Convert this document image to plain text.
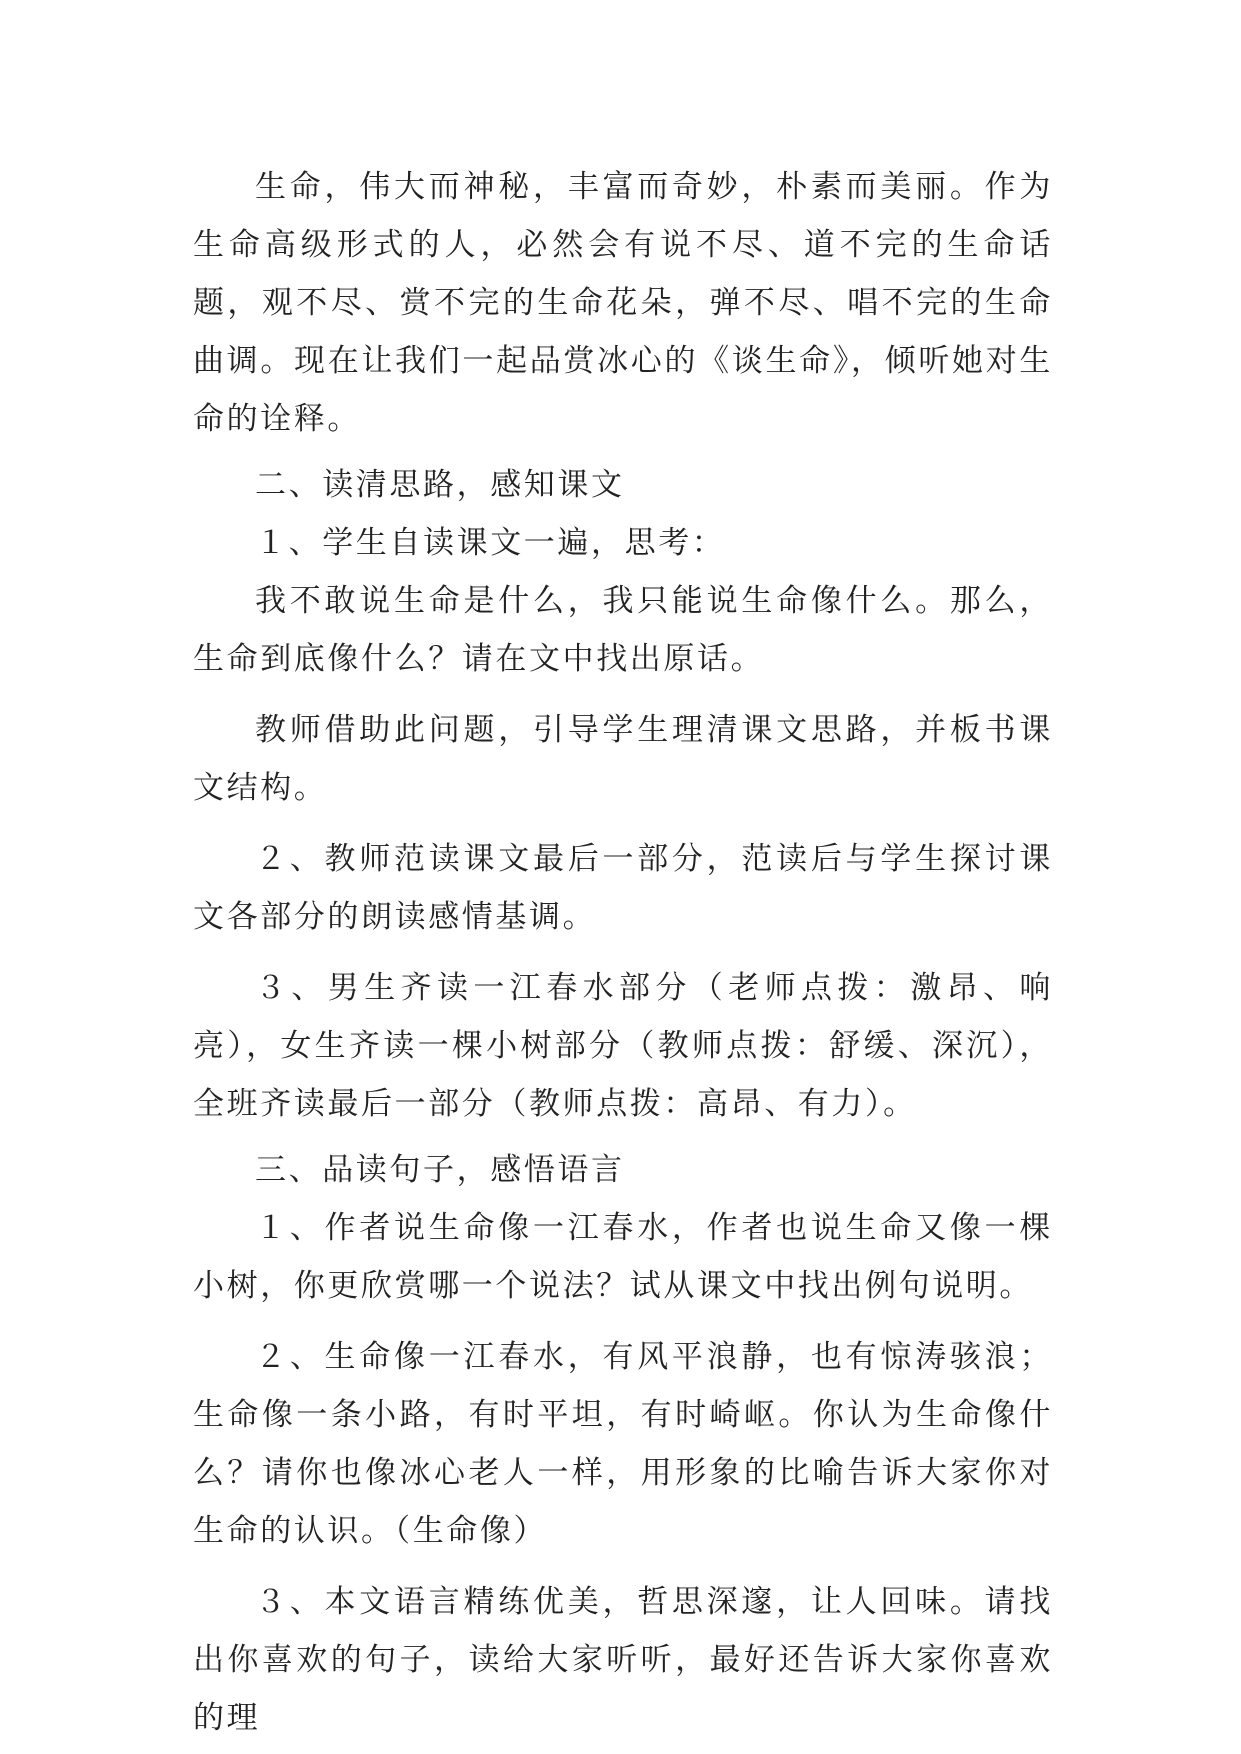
生命，伟大而神秘，丰富而奇妙，朴素而美丽。作为生命高级形式的人，必然会有说不尽、道不完的生命话题，观不尽、赏不完的生命花朵，弹不尽、唱不完的生命曲调。现在让我们一起品赏冰心的《谈生命》，倾听她对生命的诠释。

二、读清思路，感知课文

１、学生自读课文一遍，思考：

我不敢说生命是什么，我只能说生命像什么。那么，生命到底像什么？请在文中找出原话。

教师借助此问题，引导学生理清课文思路，并板书课文结构。

２、教师范读课文最后一部分，范读后与学生探讨课文各部分的朗读感情基调。

３、男生齐读一江春水部分（老师点拨：激昂、响亮），女生齐读一棵小树部分（教师点拨：舒缓、深沉），全班齐读最后一部分（教师点拨：高昂、有力）。

三、品读句子，感悟语言

１、作者说生命像一江春水，作者也说生命又像一棵小树，你更欣赏哪一个说法？试从课文中找出例句说明。

２、生命像一江春水，有风平浪静，也有惊涛骇浪；生命像一条小路，有时平坦，有时崎岖。你认为生命像什么？请你也像冰心老人一样，用形象的比喻告诉大家你对生命的认识。（生命像）

３、本文语言精练优美，哲思深邃，让人回味。请找出你喜欢的句子，读给大家听听，最好还告诉大家你喜欢的理
